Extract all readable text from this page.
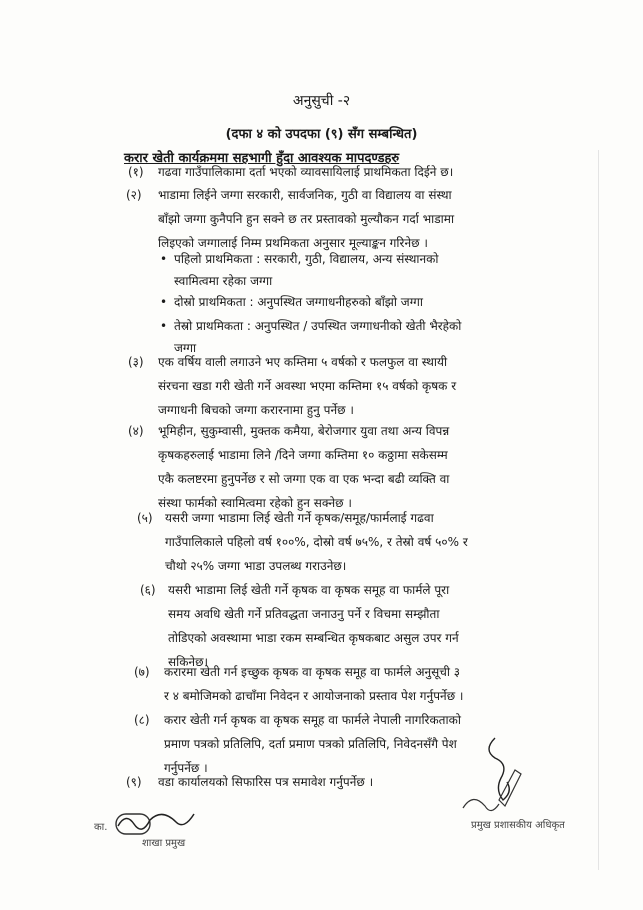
अनुसुची -२
(दफा ४ को उपदफा (९) सँग सम्बन्धित)
करार खेती कार्यक्रममा सहभागी हुँदा आवश्यक मापदण्डहरु
(१) गढवा गाउँपालिकामा दर्ता भएको व्यावसायिलाई प्राथमिकता दिईने छ।
(२) भाडामा लिईने जग्गा सरकारी, सार्वजनिक, गुठी वा विद्यालय वा संस्था
बाँझो जग्गा कुनैपनि हुन सक्ने छ तर प्रस्तावको मुल्यौकन गर्दा भाडामा
लिइएको जग्गालाई निम्म प्रथमिकता अनुसार मूल्याङ्कन गरिनेछ ।
• पहिलो प्राथमिकता : सरकारी, गुठी, विद्यालय, अन्य संस्थानको
स्वामित्वमा रहेका जग्गा
• दोस्रो प्राथमिकता : अनुपस्थित जग्गाधनीहरुको बाँझो जग्गा
• तेस्रो प्राथमिकता : अनुपस्थित / उपस्थित जग्गाधनीको खेती भैरहेको
जग्गा
(३) एक वर्षिय वाली लगाउने भए कम्तिमा ५ वर्षको र फलफुल वा स्थायी
संरचना खडा गरी खेती गर्ने अवस्था भएमा कम्तिमा १५ वर्षको कृषक र
जग्गाधनी बिचको जग्गा करारनामा हुनु पर्नेछ ।
(४) भूमिहीन, सुकुम्वासी, मुक्तक कमैया, बेरोजगार युवा तथा अन्य विपन्न
कृषकहरुलाई भाडामा लिने /दिने जग्गा कम्तिमा १० कठ्ठामा सकेसम्म
एकै कलष्टरमा हुनुपर्नेछ र सो जग्गा एक वा एक भन्दा बढी व्यक्ति वा
संस्था फार्मको स्वामित्वमा रहेको हुन सक्नेछ ।
(५) यसरी जग्गा भाडामा लिई खेती गर्ने कृषक/समूह/फार्मलाई गढवा
गाउँपालिकाले पहिलो वर्ष १००%, दोस्रो वर्ष ७५%, र तेस्रो वर्ष ५०% र
चौथो २५% जग्गा भाडा उपलब्ध गराउनेछ।
(६) यसरी भाडामा लिई खेती गर्ने कृषक वा कृषक समूह वा फार्मले पूरा
समय अवधि खेती गर्ने प्रतिवद्धता जनाउनु पर्ने र विचमा सम्झौता
तोडिएको अवस्थामा भाडा रकम सम्बन्धित कृषकबाट असुल उपर गर्न
सकिनेछ।
(७) करारमा खेती गर्न इच्छुक कृषक वा कृषक समूह वा फार्मले अनुसूची ३
र ४ बमोजिमको ढाचाँमा निवेदन र आयोजनाको प्रस्ताव पेश गर्नुपर्नेछ ।
(८) करार खेती गर्न कृषक वा कृषक समूह वा फार्मले नेपाली नागरिकताको
प्रमाण पत्रको प्रतिलिपि, दर्ता प्रमाण पत्रको प्रतिलिपि, निवेदनसँगै पेश
गर्नुपर्नेछ ।
(९) वडा कार्यालयको सिफारिस पत्र समावेश गर्नुपर्नेछ ।
का.
शाखा प्रमुख
प्रमुख प्रशासकीय अधिकृत
